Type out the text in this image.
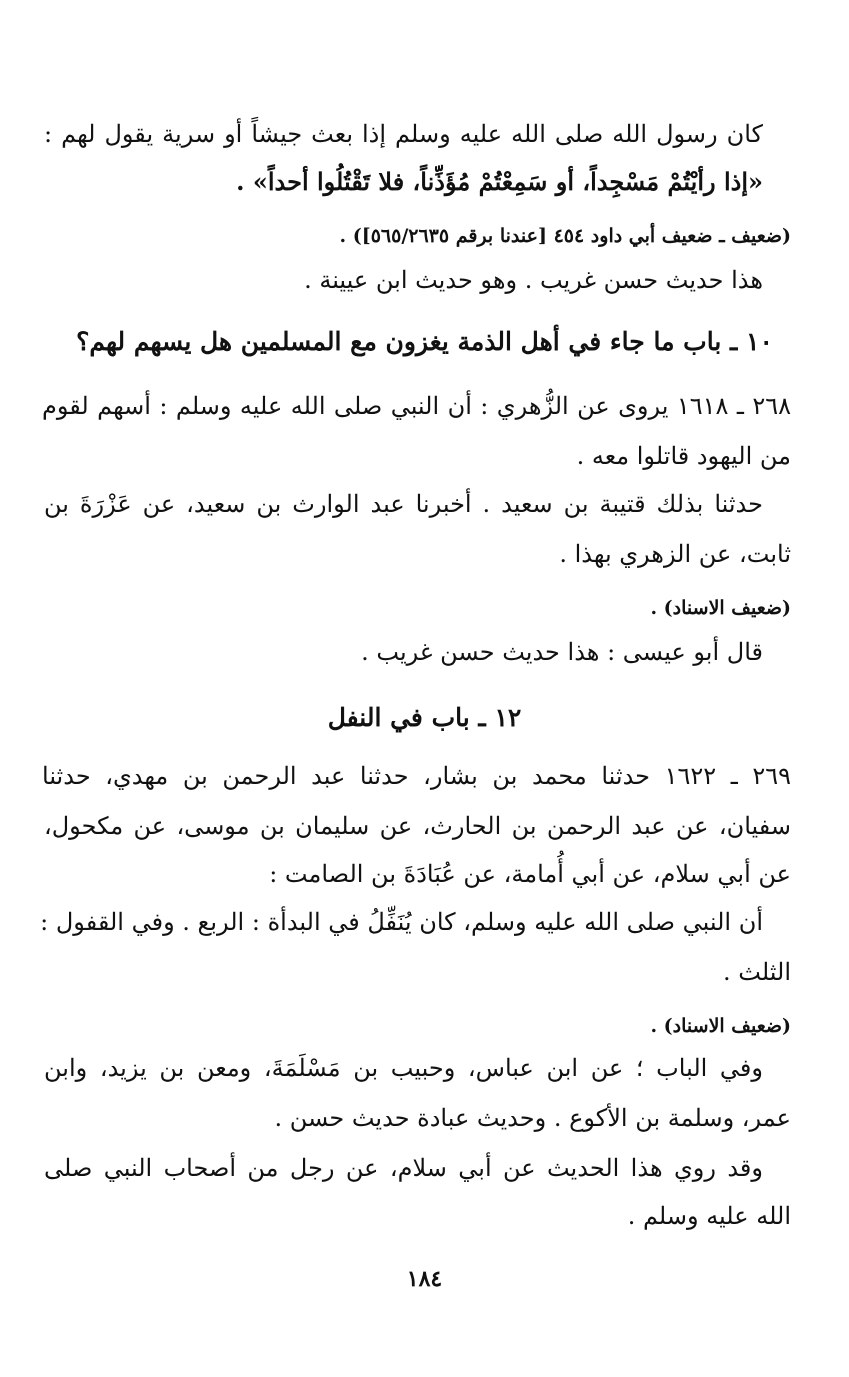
كان رسول الله صلى الله عليه وسلم إذا بعث جيشاً أو سرية يقول لهم :
«إذا رأيْتُمْ مَسْجِداً، أو سَمِعْتُمْ مُؤَذِّناً، فلا تَقْتُلُوا أحداً» .
(ضعيف ـ ضعيف أبي داود ٤٥٤ [عندنا برقم ٥٦٥/٢٦٣٥]) .
هذا حديث حسن غريب . وهو حديث ابن عيينة .
١٠ ـ باب ما جاء في أهل الذمة يغزون مع المسلمين هل يسهم لهم؟
٢٦٨ ـ ١٦١٨ يروى عن الزُّهري : أن النبي صلى الله عليه وسلم : أسهم لقوم
من اليهود قاتلوا معه .
حدثنا بذلك قتيبة بن سعيد . أخبرنا عبد الوارث بن سعيد، عن عَزْرَةَ بن
ثابت، عن الزهري بهذا .
(ضعيف الاسناد) .
قال أبو عيسى : هذا حديث حسن غريب .
١٢ ـ باب في النفل
٢٦٩ ـ ١٦٢٢ حدثنا محمد بن بشار، حدثنا عبد الرحمن بن مهدي، حدثنا
سفيان، عن عبد الرحمن بن الحارث، عن سليمان بن موسى، عن مكحول،
عن أبي سلام، عن أبي أُمامة، عن عُبَادَةَ بن الصامت :
أن النبي صلى الله عليه وسلم، كان يُنَفِّلُ في البدأة : الربع . وفي القفول :
الثلث .
(ضعيف الاسناد) .
وفي الباب ؛ عن ابن عباس، وحبيب بن مَسْلَمَةَ، ومعن بن يزيد، وابن
عمر، وسلمة بن الأكوع . وحديث عبادة حديث حسن .
وقد روي هذا الحديث عن أبي سلام، عن رجل من أصحاب النبي صلى
الله عليه وسلم .
١٨٤
